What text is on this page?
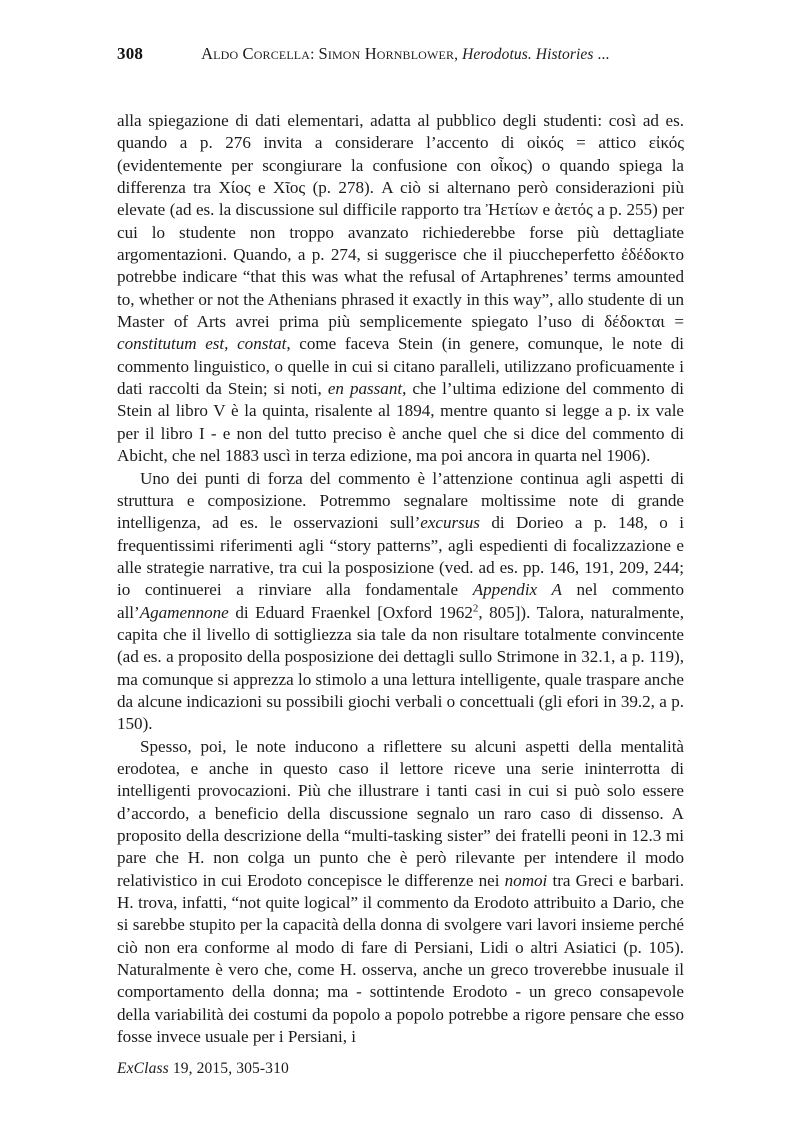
308	Aldo Corcella: Simon Hornblower, Herodotus. Histories ...

alla spiegazione di dati elementari, adatta al pubblico degli studenti: così ad es. quando a p. 276 invita a considerare l’accento di οἰκός = attico εἰκός (evidentemente per scongiurare la confusione con οἶκος) o quando spiega la differenza tra Χίος e Χῖος (p. 278). A ciò si alternano però considerazioni più elevate (ad es. la discussione sul difficile rapporto tra Ἠετίων e ἀετός a p. 255) per cui lo studente non troppo avanzato richiederebbe forse più dettagliate argomentazioni. Quando, a p. 274, si suggerisce che il piuccheperfetto ἐδέδοκτο potrebbe indicare “that this was what the refusal of Artaphrenes’ terms amounted to, whether or not the Athenians phrased it exactly in this way”, allo studente di un Master of Arts avrei prima più semplicemente spiegato l’uso di δέδοκται = constitutum est, constat, come faceva Stein (in genere, comunque, le note di commento linguistico, o quelle in cui si citano paralleli, utilizzano proficuamente i dati raccolti da Stein; si noti, en passant, che l’ultima edizione del commento di Stein al libro V è la quinta, risalente al 1894, mentre quanto si legge a p. ix vale per il libro I - e non del tutto preciso è anche quel che si dice del commento di Abicht, che nel 1883 uscì in terza edizione, ma poi ancora in quarta nel 1906).

Uno dei punti di forza del commento è l’attenzione continua agli aspetti di struttura e composizione. Potremmo segnalare moltissime note di grande intelligenza, ad es. le osservazioni sull’excursus di Dorieo a p. 148, o i frequentissimi riferimenti agli “story patterns”, agli espedienti di focalizzazione e alle strategie narrative, tra cui la posposizione (ved. ad es. pp. 146, 191, 209, 244; io continuerei a rinviare alla fondamentale Appendix A nel commento all’Agamennone di Eduard Fraenkel [Oxford 1962$^2$, 805]). Talora, naturalmente, capita che il livello di sottigliezza sia tale da non risultare totalmente convincente (ad es. a proposito della posposizione dei dettagli sullo Strimone in 32.1, a p. 119), ma comunque si apprezza lo stimolo a una lettura intelligente, quale traspare anche da alcune indicazioni su possibili giochi verbali o concettuali (gli efori in 39.2, a p. 150).

Spesso, poi, le note inducono a riflettere su alcuni aspetti della mentalità erodotea, e anche in questo caso il lettore riceve una serie ininterrotta di intelligenti provocazioni. Più che illustrare i tanti casi in cui si può solo essere d’accordo, a beneficio della discussione segnalo un raro caso di dissenso. A proposito della descrizione della “multi-tasking sister” dei fratelli peoni in 12.3 mi pare che H. non colga un punto che è però rilevante per intendere il modo relativistico in cui Erodoto concepisce le differenze nei nomoi tra Greci e barbari. H. trova, infatti, “not quite logical” il commento da Erodoto attribuito a Dario, che si sarebbe stupito per la capacità della donna di svolgere vari lavori insieme perché ciò non era conforme al modo di fare di Persiani, Lidi o altri Asiatici (p. 105). Naturalmente è vero che, come H. osserva, anche un greco troverebbe inusuale il comportamento della donna; ma - sottintende Erodoto - un greco consapevole della variabilità dei costumi da popolo a popolo potrebbe a rigore pensare che esso fosse invece usuale per i Persiani, i

ExClass 19, 2015, 305-310
